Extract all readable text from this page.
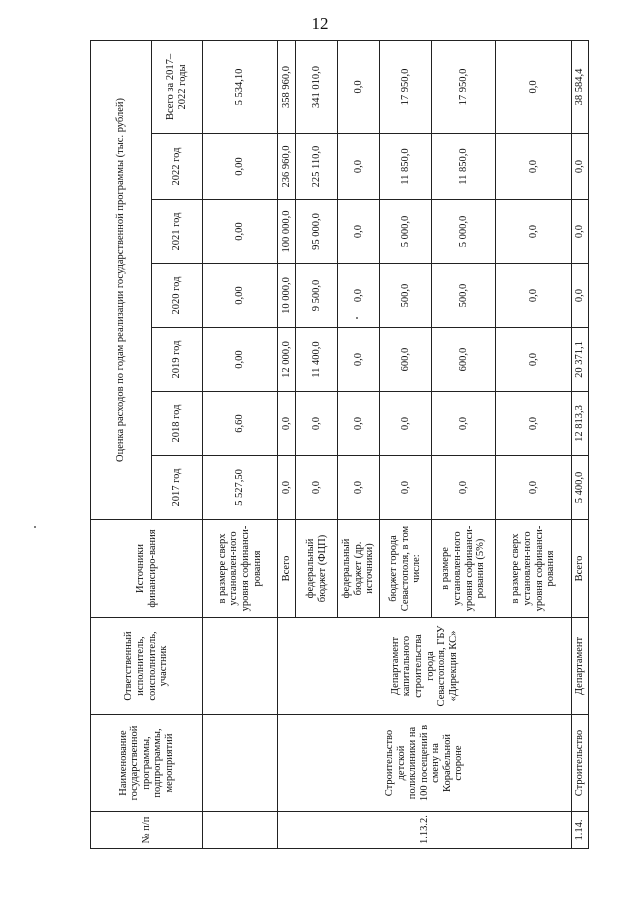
12
№ п/п	Наименование государственной программы, подпрограммы, мероприятий	Ответственный исполнитель, соисполнитель, участник	Источники финансиро-вания	Оценка расходов по годам реализации государственной программы (тыс. рублей)						
				2017 год	2018 год	2019 год	2020 год	2021 год	2022 год	Всего за 2017–2022 годы
			в размере сверх установлен-ного уровня софинанси-рования	5 527,50	6,60	0,00	0,00	0,00	0,00	5 534,10
1.13.2.	Строительство детской поликлиники на 100 посещений в смену на Корабельной стороне	Департамент капитального строительства города Севастополя, ГБУ «Дирекция КС»	Всего	0,0	0,0	12 000,0	10 000,0	100 000,0	236 960,0	358 960,0
			федеральный бюджет (ФЦП)	0,0	0,0	11 400,0	9 500,0	95 000,0	225 110,0	341 010,0
			федеральный бюджет (др. источники)	0,0	0,0	0,0	0,0	0,0	0,0	0,0
			бюджет города Севастополя, в том числе:	0,0	0,0	600,0	500,0	5 000,0	11 850,0	17 950,0
			в размере установлен-ного уровня софинанси-рования (5%)	0,0	0,0	600,0	500,0	5 000,0	11 850,0	17 950,0
			в размере сверх установлен-ного уровня софинанси-рования	0,0	0,0	0,0	0,0	0,0	0,0	0,0
1.14.	Строительство	Департамент	Всего	5 400,0	12 813,3	20 371,1	0,0	0,0	0,0	38 584,4
